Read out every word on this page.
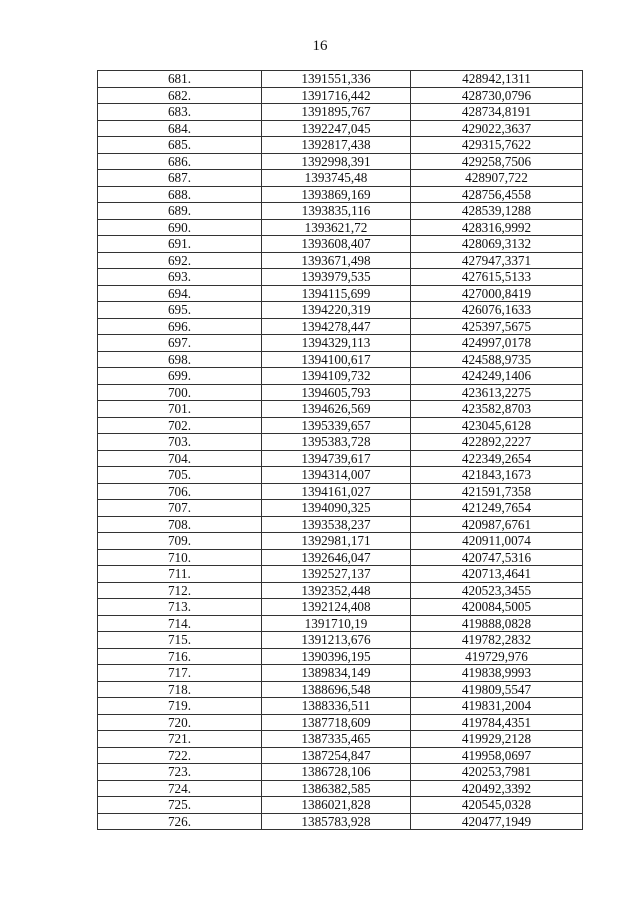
16
681.	1391551,336	428942,1311
682.	1391716,442	428730,0796
683.	1391895,767	428734,8191
684.	1392247,045	429022,3637
685.	1392817,438	429315,7622
686.	1392998,391	429258,7506
687.	1393745,48	428907,722
688.	1393869,169	428756,4558
689.	1393835,116	428539,1288
690.	1393621,72	428316,9992
691.	1393608,407	428069,3132
692.	1393671,498	427947,3371
693.	1393979,535	427615,5133
694.	1394115,699	427000,8419
695.	1394220,319	426076,1633
696.	1394278,447	425397,5675
697.	1394329,113	424997,0178
698.	1394100,617	424588,9735
699.	1394109,732	424249,1406
700.	1394605,793	423613,2275
701.	1394626,569	423582,8703
702.	1395339,657	423045,6128
703.	1395383,728	422892,2227
704.	1394739,617	422349,2654
705.	1394314,007	421843,1673
706.	1394161,027	421591,7358
707.	1394090,325	421249,7654
708.	1393538,237	420987,6761
709.	1392981,171	420911,0074
710.	1392646,047	420747,5316
711.	1392527,137	420713,4641
712.	1392352,448	420523,3455
713.	1392124,408	420084,5005
714.	1391710,19	419888,0828
715.	1391213,676	419782,2832
716.	1390396,195	419729,976
717.	1389834,149	419838,9993
718.	1388696,548	419809,5547
719.	1388336,511	419831,2004
720.	1387718,609	419784,4351
721.	1387335,465	419929,2128
722.	1387254,847	419958,0697
723.	1386728,106	420253,7981
724.	1386382,585	420492,3392
725.	1386021,828	420545,0328
726.	1385783,928	420477,1949
